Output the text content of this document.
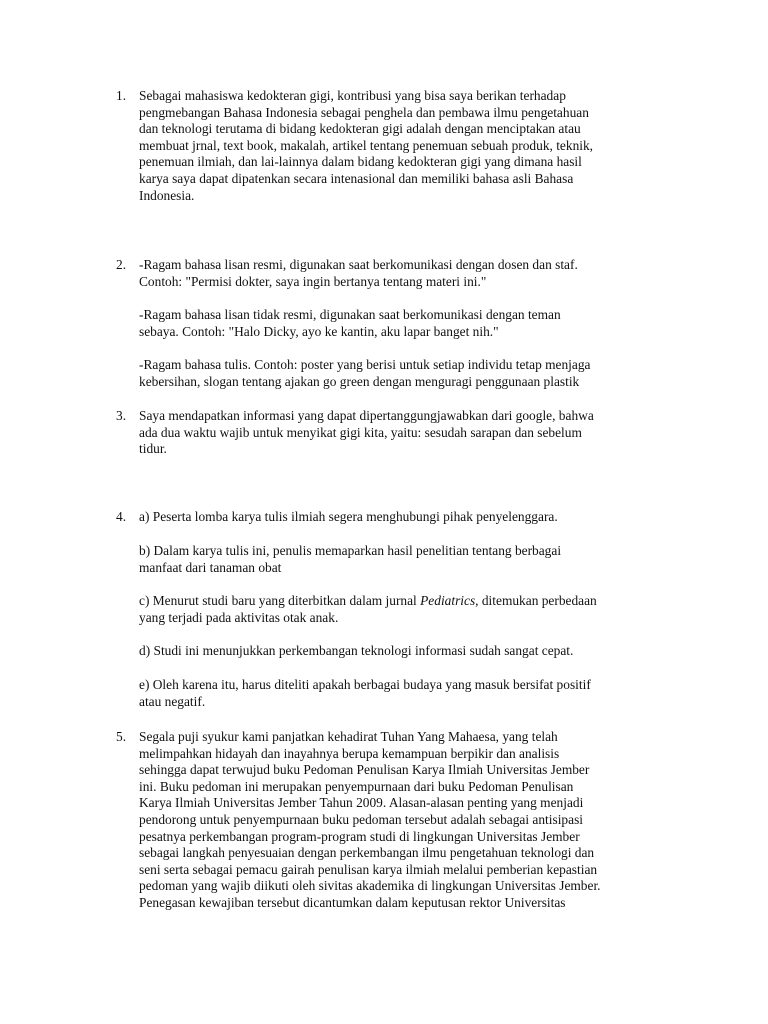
1. Sebagai mahasiswa kedokteran gigi, kontribusi yang bisa saya berikan terhadap
pengmebangan Bahasa Indonesia sebagai penghela dan pembawa ilmu pengetahuan
dan teknologi terutama di bidang kedokteran gigi adalah dengan menciptakan atau
membuat jrnal, text book, makalah, artikel tentang penemuan sebuah produk, teknik,
penemuan ilmiah, dan lai-lainnya dalam bidang kedokteran gigi yang dimana hasil
karya saya dapat dipatenkan secara intenasional dan memiliki bahasa asli Bahasa
Indonesia.
2. -Ragam bahasa lisan resmi, digunakan saat berkomunikasi dengan dosen dan staf.
Contoh: "Permisi dokter, saya ingin bertanya tentang materi ini."
-Ragam bahasa lisan tidak resmi, digunakan saat berkomunikasi dengan teman
sebaya. Contoh: "Halo Dicky, ayo ke kantin, aku lapar banget nih."
-Ragam bahasa tulis. Contoh: poster yang berisi untuk setiap individu tetap menjaga
kebersihan, slogan tentang ajakan go green dengan menguragi penggunaan plastik
3. Saya mendapatkan informasi yang dapat dipertanggungjawabkan dari google, bahwa
ada dua waktu wajib untuk menyikat gigi kita, yaitu: sesudah sarapan dan sebelum
tidur.
4. a) Peserta lomba karya tulis ilmiah segera menghubungi pihak penyelenggara.
b) Dalam karya tulis ini, penulis memaparkan hasil penelitian tentang berbagai
manfaat dari tanaman obat
c) Menurut studi baru yang diterbitkan dalam jurnal Pediatrics, ditemukan perbedaan
yang terjadi pada aktivitas otak anak.
d) Studi ini menunjukkan perkembangan teknologi informasi sudah sangat cepat.
e) Oleh karena itu, harus diteliti apakah berbagai budaya yang masuk bersifat positif
atau negatif.
5. Segala puji syukur kami panjatkan kehadirat Tuhan Yang Mahaesa, yang telah
melimpahkan hidayah dan inayahnya berupa kemampuan berpikir dan analisis
sehingga dapat terwujud buku Pedoman Penulisan Karya Ilmiah Universitas Jember
ini. Buku pedoman ini merupakan penyempurnaan dari buku Pedoman Penulisan
Karya Ilmiah Universitas Jember Tahun 2009. Alasan-alasan penting yang menjadi
pendorong untuk penyempurnaan buku pedoman tersebut adalah sebagai antisipasi
pesatnya perkembangan program-program studi di lingkungan Universitas Jember
sebagai langkah penyesuaian dengan perkembangan ilmu pengetahuan teknologi dan
seni serta sebagai pemacu gairah penulisan karya ilmiah melalui pemberian kepastian
pedoman yang wajib diikuti oleh sivitas akademika di lingkungan Universitas Jember.
Penegasan kewajiban tersebut dicantumkan dalam keputusan rektor Universitas
